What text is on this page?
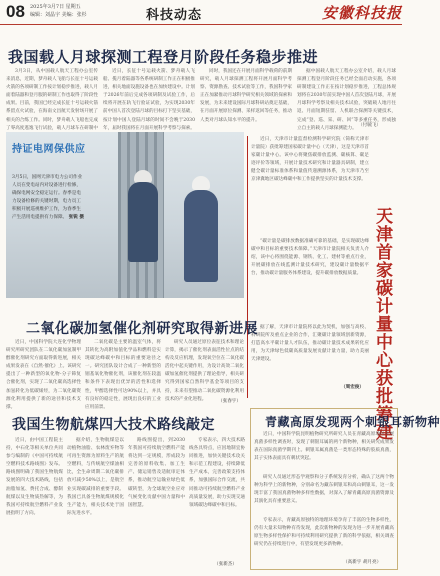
08 2025年3月7日 星期五
编辑：刘晶宇 美编：张杉	科技动态	安徽科技报
我国载人月球探测工程登月阶段任务稳步推进
3月3日，从中国载人航天工程办公室传来消息，近期，梦舟载人飞船与长征十号运载火箭的各项研制工作按计划稳步推进，载人月面着陆器和登月服的研制工作也取得了阶段性成果。目前，我国已经完成长征十号运载火箭系留点火试验，在海南文昌航天发射场开展了相关的合练工作。同时，梦舟载人飞船也完成了零高度逃逸飞行试验，载人月球车在研制中
近日，长征十号运载火箭、梦舟载人飞船、揽月着陆器等各系统研制工作正在积极推进，相关地面设施设备也在加快建设中。计划于2026年前后完成各项研制及试验工作，后续将开展在轨飞行验证试验，为实现2030年前中国人首次登陆月球的目标打下坚实基础，按计划中国人登陆月球的时间不会晚于2030年，届时我国将在月面开展科学考察与探索。
同时，我国还在开展月面科学载荷的前期研究，载人月球探测工程将开展月面科学考察、资源勘查、技术试验等工作，我国科学家正在加紧推动月球科学研究相关领域的探索和发展，为未来建设国际月球科研站奠定基础，在月面开展原位探测、采样返回等任务，推动人类对月球认知水平的提升。
据中国载人航天工程办公室介绍，载人月球探测工程登月阶段任务已经全面启动实施，各项研制建设工作正在按计划稳步推进，工程总体规划将在2030年前实现中国人首次登陆月球，开展月球科学考察及相关技术试验，突破载人地月往返、月面短期驻留、人机联合探测等关键技术，完成“登、巡、采、研、回”等多重任务，形成独立自主的载人月球探测能力。
（付毓飞）
持证电网保供应
3月5日，国网天津市电力公司作业人员在变电站内对设备进行检修，确保电网安全稳定运行。春季是电力设备检修的关键时期，电力员工积极开展巡视维护工作，为春季生产生活用电提供有力保障。 张锐 摄
近日，天津市计量监督检测科学研究院（简称天津市计量院）获批筹建国家碳计量中心（天津），这是天津市首家碳计量中心。该中心将聚焦碳排放监测、碳核算、碳足迹评价等领域，开展计量技术研究和计量器具研制，建立健全碳计量标准体系和量值传递溯源体系，为天津市乃至京津冀地区碳达峰碳中和工作提供坚实的计量技术支撑。
“碳计量是碳排放数据准确可靠的基础，是实现碳达峰碳中和目标的重要技术保障。”天津市计量院相关负责人介绍，该中心将围绕能源、钢铁、化工、建材等重点行业，开展碳排放在线监测计量技术研究，建设碳计量数据平台，推动碳计量服务体系建设，提升碳排放数据质量。
据了解，天津市计量院将以此为契机，加强与高校、科研院所及重点企业的合作，汇聚碳计量领域创新资源，打造高水平碳计量人才队伍，推动碳计量技术成果转化应用，为天津绿色低碳高质量发展贡献计量力量，助力美丽天津建设。
（周宏俊） 天津首家碳计量中心获批筹建
二氧化碳加氢催化剂研究取得新进展
近日，中国科学院大连化学物理研究所研究团队在二氧化碳加氢制甲醇催化剂研究方面取得新进展，相关成果发表在《自然·催化》上。该研究提出了一种新型的氧化物-分子筛复合催化剂，实现了二氧化碳高选择性加氢转化为低碳烯烃，为二氧化碳资源化利用提供了新的途径和技术支撑。
二氧化碳是主要的温室气体，将其转化为高附加值化学品和燃料是实现碳达峰碳中和目标的重要途径之一。研究团队设计合成了一种新型的铟基氧化物催化剂，该催化剂在较温和条件下表现出优异的活性和选择性，甲醇选择性可达90%以上，并具有良好的稳定性，展现出良好的工业应用前景。
研究人员通过原位表征技术和理论计算，揭示了催化剂表面活性位点的结构及反应机理，发现氧空位在二氧化碳活化中起关键作用，为设计高效二氧化碳加氢催化剂提供了理论指导，相关研究得到国家自然科学基金等项目的支持，未来有望推动二氧化碳资源化利用技术的产业化进程。	（张春宇）
我国生物航煤四大技术路线敲定
近日，由中国工程院主持，中石化等相关单位共同参与编制的《中国可持续航空燃料技术路线图》发布。路线图明确了我国生物航煤发展的四大技术路线，包括油脂加氢、费托合成、醇制航煤以及生物质热解等，为我国可持续航空燃料产业发展指明了方向。
据介绍，生物航煤是以动植物油脂、农林废弃物等可再生资源为原料生产的航空燃料，与传统航空煤油相比，全生命周期二氧化碳排放可减少50%以上，是航空业实现碳减排的重要手段。我国已具备生物航煤规模化生产能力，相关技术处于国际先进水平。
路线图提出，到2030年我国可持续航空燃料产能将达到一定规模，形成较为完善的原料收集、加工生产、储运销售及适航审定体系，推动航空运输业绿色低碳转型，为全球航空业应对气候变化贡献中国力量和中国智慧。
专家表示，四大技术路线各具特点，应因地制宜协同推进，加快关键技术攻关和示范工程建设，持续降低生产成本，完善政策支持体系，加强国际合作交流，共同推动可持续航空燃料产业高质量发展，助力实现交通领域碳达峰碳中和目标。
（张新杰）
青藏高原发现两个刺银耳新物种
近日，中国科学院昆明植物研究所研究人员在青藏高原地区开展真菌多样性调查时，发现了刺银耳属的两个新物种，相关研究成果发表在国际真菌学期刊上。刺银耳属真菌是一类形态特殊的胶质真菌，其子实体表面具有刺状突起。
研究人员通过形态学观察和分子系统发育分析，确认了这两个物种为科学上的新物种，分别命名为藏东刺银耳和高山刺银耳，这一发现丰富了我国真菌物种多样性数据，对深入了解青藏高原真菌资源及其演化具有重要意义。
专家表示，青藏高原独特的地理环境孕育了丰富的生物多样性，仍有大量未知物种有待发现，此次新物种的发现为进一步开展青藏高原生物多样性保护和可持续利用研究提供了新的科学依据，相关调查研究仍在持续进行中，有望发现更多新物种。
（高新宇 胡月亮）
